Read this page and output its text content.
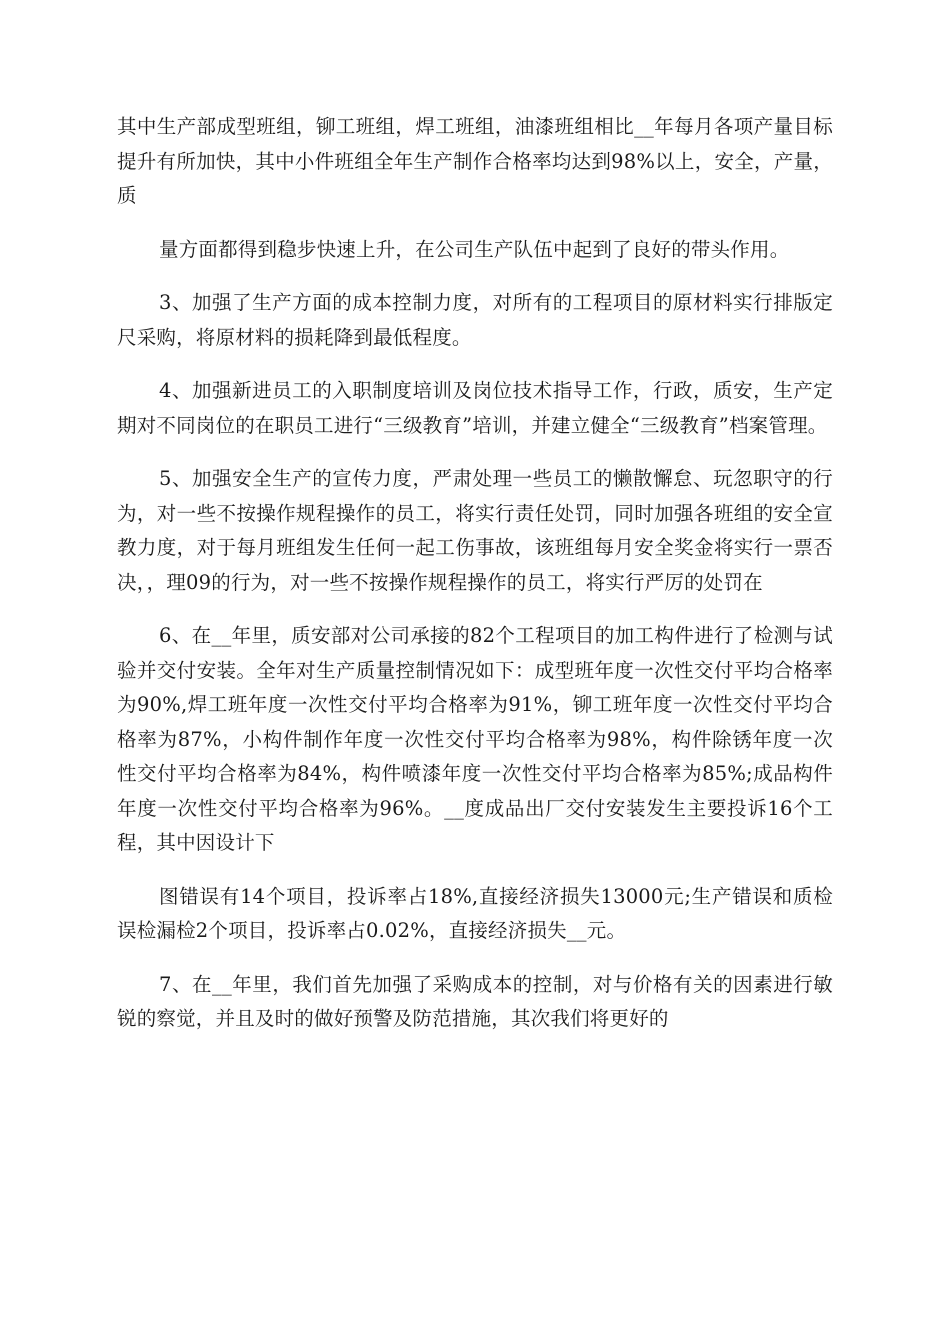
其中生产部成型班组，铆工班组，焊工班组，油漆班组相比__年每月各项产量目标提升有所加快，其中小件班组全年生产制作合格率均达到98%以上，安全，产量，质

量方面都得到稳步快速上升，在公司生产队伍中起到了良好的带头作用。

3、加强了生产方面的成本控制力度，对所有的工程项目的原材料实行排版定尺采购，将原材料的损耗降到最低程度。

4、加强新进员工的入职制度培训及岗位技术指导工作，行政，质安，生产定期对不同岗位的在职员工进行“三级教育”培训，并建立健全“三级教育”档案管理。

5、加强安全生产的宣传力度，严肃处理一些员工的懒散懈怠、玩忽职守的行为，对一些不按操作规程操作的员工，将实行责任处罚，同时加强各班组的安全宣教力度，对于每月班组发生任何一起工伤事故，该班组每月安全奖金将实行一票否决，，理09的行为，对一些不按操作规程操作的员工，将实行严厉的处罚在

6、在__年里，质安部对公司承接的82个工程项目的加工构件进行了检测与试验并交付安装。全年对生产质量控制情况如下：成型班年度一次性交付平均合格率为90%,焊工班年度一次性交付平均合格率为91%，铆工班年度一次性交付平均合格率为87%，小构件制作年度一次性交付平均合格率为98%，构件除锈年度一次性交付平均合格率为84%，构件喷漆年度一次性交付平均合格率为85%;成品构件年度一次性交付平均合格率为96%。__度成品出厂交付安装发生主要投诉16个工程，其中因设计下

图错误有14个项目，投诉率占18%,直接经济损失13000元;生产错误和质检误检漏检2个项目，投诉率占0.02%，直接经济损失__元。

7、在__年里，我们首先加强了采购成本的控制，对与价格有关的因素进行敏锐的察觉，并且及时的做好预警及防范措施，其次我们将更好的
